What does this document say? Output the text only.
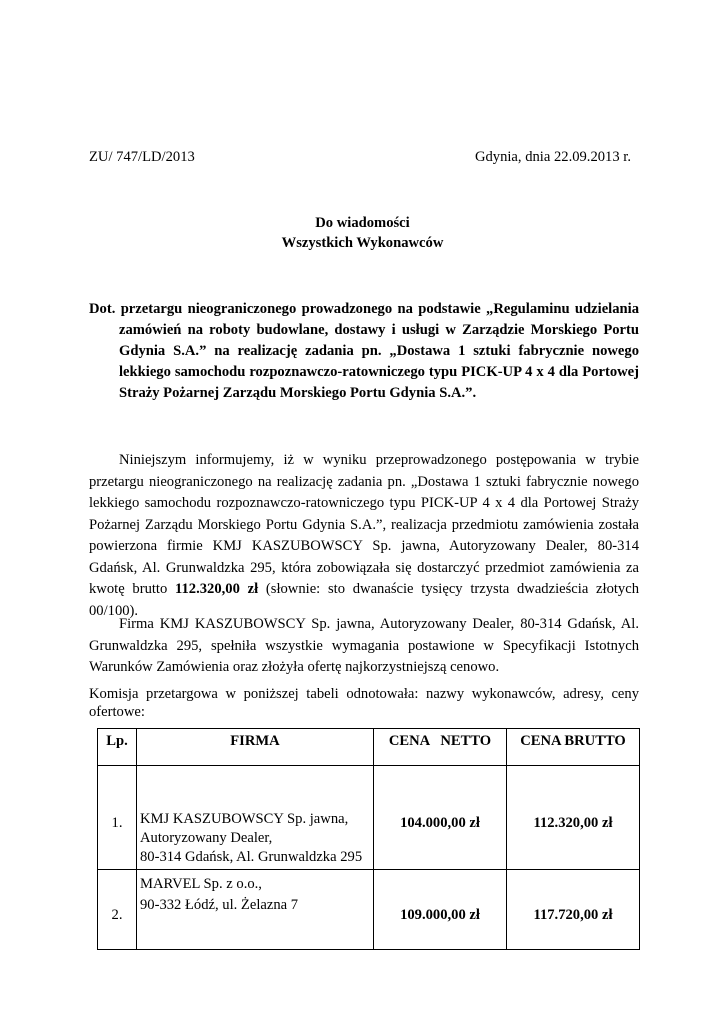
ZU/ 747/LD/2013	Gdynia, dnia 22.09.2013 r.
Do wiadomości
Wszystkich Wykonawców
Dot. przetargu nieograniczonego prowadzonego na podstawie „Regulaminu udzielania zamówień na roboty budowlane, dostawy i usługi w Zarządzie Morskiego Portu Gdynia S.A.” na realizację zadania pn. „Dostawa 1 sztuki fabrycznie nowego lekkiego samochodu rozpoznawczo-ratowniczego typu PICK-UP 4 x 4 dla Portowej Straży Pożarnej Zarządu Morskiego Portu Gdynia S.A.”.
Niniejszym informujemy, iż w wyniku przeprowadzonego postępowania w trybie przetargu nieograniczonego na realizację zadania pn. „Dostawa 1 sztuki fabrycznie nowego lekkiego samochodu rozpoznawczo-ratowniczego typu PICK-UP 4 x 4 dla Portowej Straży Pożarnej Zarządu Morskiego Portu Gdynia S.A.”, realizacja przedmiotu zamówienia została powierzona firmie KMJ KASZUBOWSCY Sp. jawna, Autoryzowany Dealer, 80-314 Gdańsk, Al. Grunwaldzka 295, która zobowiązała się dostarczyć przedmiot zamówienia za kwotę brutto 112.320,00 zł (słownie: sto dwanaście tysięcy trzysta dwadzieścia złotych 00/100).
Firma KMJ KASZUBOWSCY Sp. jawna, Autoryzowany Dealer, 80-314 Gdańsk, Al. Grunwaldzka 295, spełniła wszystkie wymagania postawione w Specyfikacji Istotnych Warunków Zamówienia oraz złożyła ofertę najkorzystniejszą cenowo.
Komisja przetargowa w poniższej tabeli odnotowała: nazwy wykonawców, adresy, ceny ofertowe:
Lp.	FIRMA	CENA   NETTO	CENA BRUTTO
1.	KMJ KASZUBOWSCY Sp. jawna,
Autoryzowany Dealer,
80-314 Gdańsk, Al. Grunwaldzka 295	104.000,00 zł	112.320,00 zł
2.	MARVEL Sp. z o.o.,
90-332 Łódź, ul. Żelazna 7	109.000,00 zł	117.720,00 zł
